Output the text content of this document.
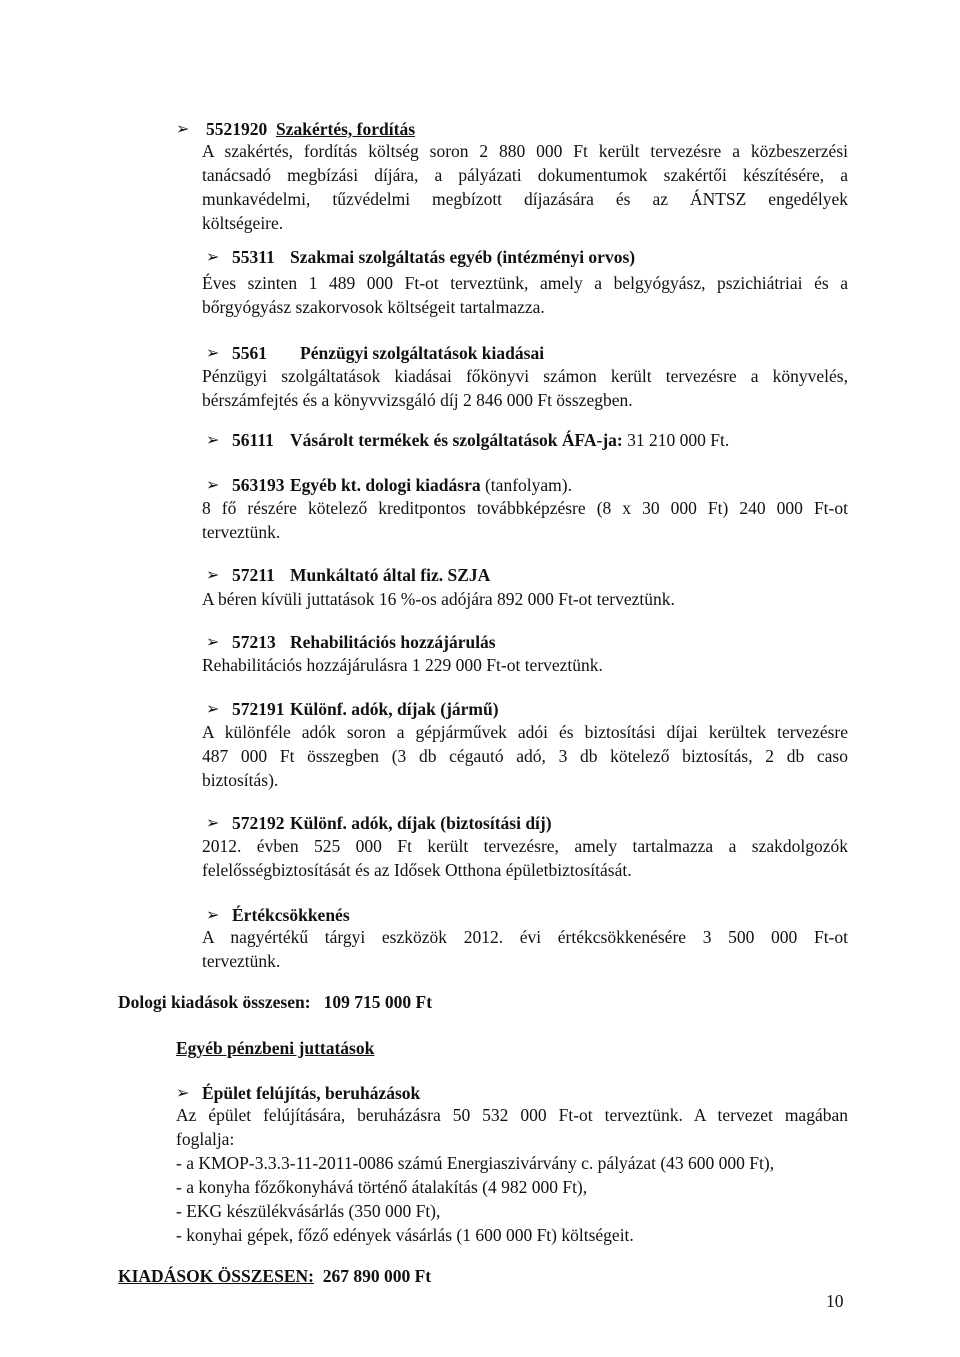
➢ 5521920 Szakértés, fordítás
A szakértés, fordítás költség soron 2 880 000 Ft került tervezésre a közbeszerzési
tanácsadó megbízási díjára, a pályázati dokumentumok szakértői készítésére, a
munkavédelmi, tűzvédelmi megbízott díjazására és az ÁNTSZ engedélyek
költségeire.
➢ 55311 Szakmai szolgáltatás egyéb (intézményi orvos)
Éves szinten 1 489 000 Ft-ot terveztünk, amely a belgyógyász, pszichiátriai és a
bőrgyógyász szakorvosok költségeit tartalmazza.
➢ 5561 Pénzügyi szolgáltatások kiadásai
Pénzügyi szolgáltatások kiadásai főkönyvi számon került tervezésre a könyvelés,
bérszámfejtés és a könyvvizsgáló díj 2 846 000 Ft összegben.
➢ 56111 Vásárolt termékek és szolgáltatások ÁFA-ja: 31 210 000 Ft.
➢ 563193 Egyéb kt. dologi kiadásra (tanfolyam).
8 fő részére kötelező kreditpontos továbbképzésre (8 x 30 000 Ft) 240 000 Ft-ot
terveztünk.
➢ 57211 Munkáltató által fiz. SZJA
A béren kívüli juttatások 16 %-os adójára 892 000 Ft-ot terveztünk.
➢ 57213 Rehabilitációs hozzájárulás
Rehabilitációs hozzájárulásra 1 229 000 Ft-ot terveztünk.
➢ 572191 Különf. adók, díjak (jármű)
A különféle adók soron a gépjárművek adói és biztosítási díjai kerültek tervezésre
487 000 Ft összegben (3 db cégautó adó, 3 db kötelező biztosítás, 2 db caso
biztosítás).
➢ 572192 Különf. adók, díjak (biztosítási díj)
2012. évben 525 000 Ft került tervezésre, amely tartalmazza a szakdolgozók
felelősségbiztosítását és az Idősek Otthona épületbiztosítását.
➢ Értékcsökkenés
A nagyértékű tárgyi eszközök 2012. évi értékcsökkenésére 3 500 000 Ft-ot
terveztünk.
Dologi kiadások összesen: 109 715 000 Ft
Egyéb pénzbeni juttatások
➢ Épület felújítás, beruházások
Az épület felújítására, beruházásra 50 532 000 Ft-ot terveztünk. A tervezet magában
foglalja:
- a KMOP-3.3.3-11-2011-0086 számú Energiaszivárvány c. pályázat (43 600 000 Ft),
- a konyha főzőkonyhává történő átalakítás (4 982 000 Ft),
- EKG készülékvásárlás (350 000 Ft),
- konyhai gépek, főző edények vásárlás (1 600 000 Ft) költségeit.
KIADÁSOK ÖSSZESEN: 267 890 000 Ft
10
